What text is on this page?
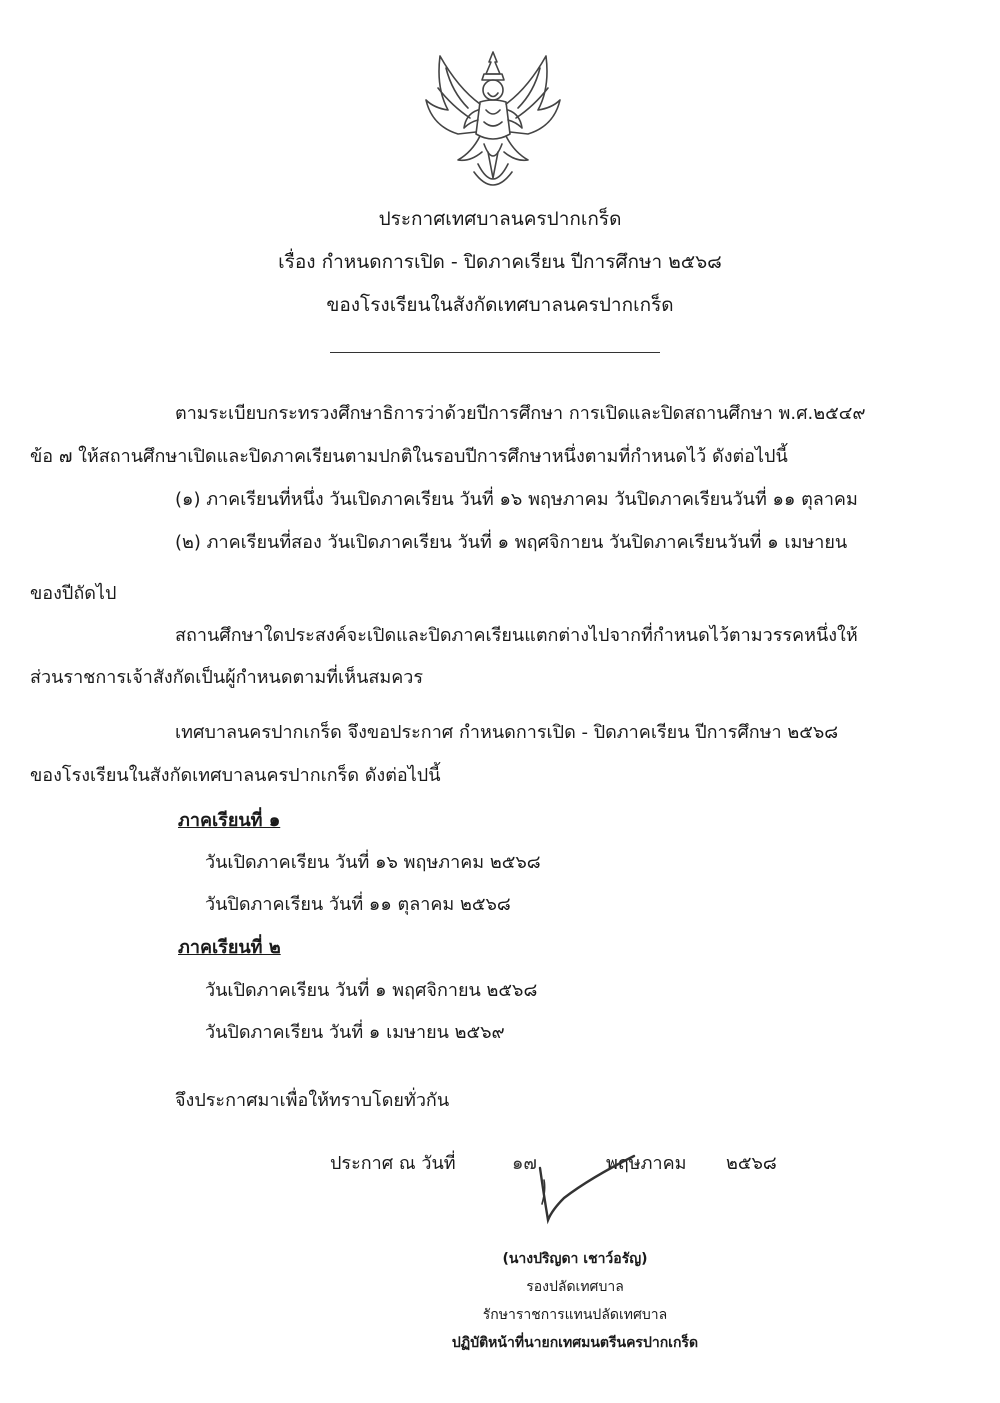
ประกาศเทศบาลนครปากเกร็ด
เรื่อง กำหนดการเปิด - ปิดภาคเรียน ปีการศึกษา ๒๕๖๘
ของโรงเรียนในสังกัดเทศบาลนครปากเกร็ด
ตามระเบียบกระทรวงศึกษาธิการว่าด้วยปีการศึกษา การเปิดและปิดสถานศึกษา พ.ศ.๒๕๔๙
ข้อ ๗ ให้สถานศึกษาเปิดและปิดภาคเรียนตามปกติในรอบปีการศึกษาหนึ่งตามที่กำหนดไว้ ดังต่อไปนี้
(๑) ภาคเรียนที่หนึ่ง วันเปิดภาคเรียน วันที่ ๑๖ พฤษภาคม วันปิดภาคเรียนวันที่ ๑๑ ตุลาคม
(๒) ภาคเรียนที่สอง วันเปิดภาคเรียน วันที่ ๑ พฤศจิกายน วันปิดภาคเรียนวันที่ ๑ เมษายน
ของปีถัดไป
สถานศึกษาใดประสงค์จะเปิดและปิดภาคเรียนแตกต่างไปจากที่กำหนดไว้ตามวรรคหนึ่งให้
ส่วนราชการเจ้าสังกัดเป็นผู้กำหนดตามที่เห็นสมควร
เทศบาลนครปากเกร็ด จึงขอประกาศ กำหนดการเปิด - ปิดภาคเรียน ปีการศึกษา ๒๕๖๘
ของโรงเรียนในสังกัดเทศบาลนครปากเกร็ด ดังต่อไปนี้
ภาคเรียนที่ ๑
วันเปิดภาคเรียน วันที่ ๑๖ พฤษภาคม ๒๕๖๘
วันปิดภาคเรียน วันที่ ๑๑ ตุลาคม ๒๕๖๘
ภาคเรียนที่ ๒
วันเปิดภาคเรียน วันที่ ๑ พฤศจิกายน ๒๕๖๘
วันปิดภาคเรียน วันที่ ๑ เมษายน ๒๕๖๙
จึงประกาศมาเพื่อให้ทราบโดยทั่วกัน
ประกาศ ณ วันที่	๑๗	พฤษภาคม ๒๕๖๘
(นางปริญดา เชาว์อรัญ)
รองปลัดเทศบาล
รักษาราชการแทนปลัดเทศบาล
ปฏิบัติหน้าที่นายกเทศมนตรีนครปากเกร็ด
